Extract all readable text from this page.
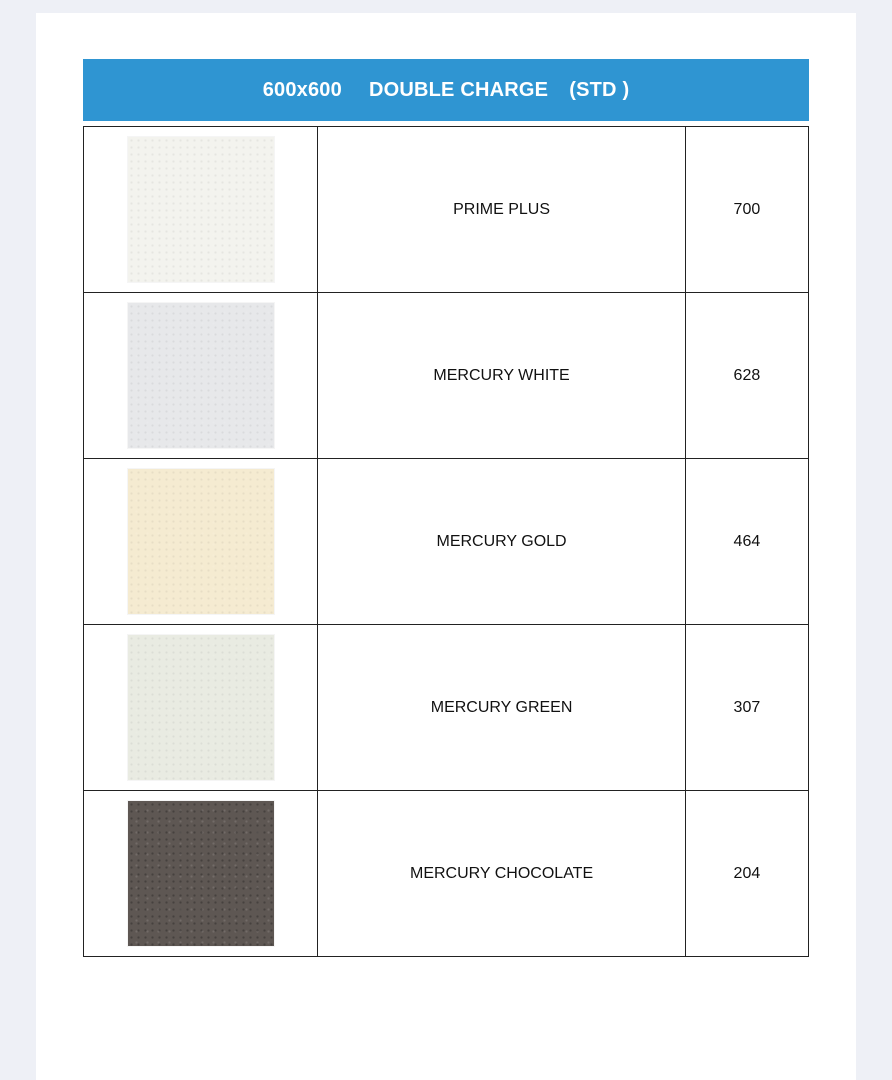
600x600 DOUBLE CHARGE (STD )
	PRIME PLUS	700

	MERCURY WHITE	628

	MERCURY GOLD	464

	MERCURY GREEN	307

	MERCURY CHOCOLATE	204
